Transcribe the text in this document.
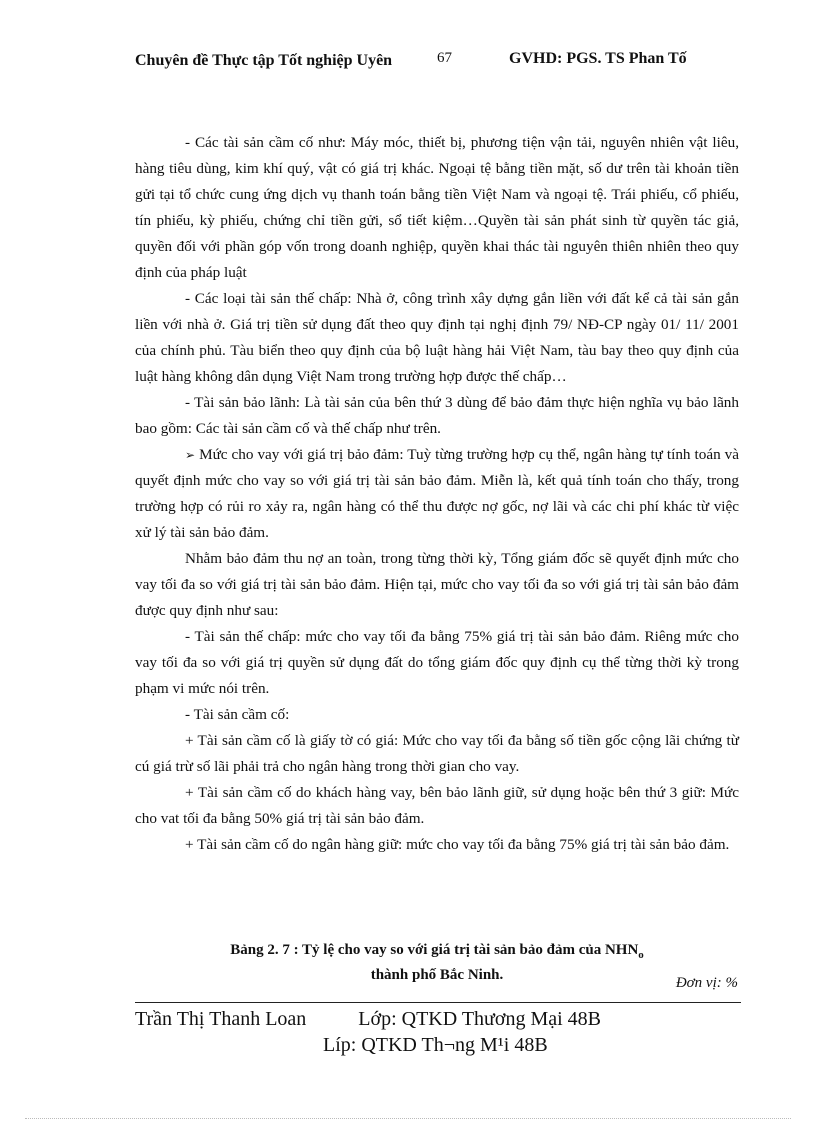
Chuyên đề Thực tập Tốt nghiệp Uyên	67	GVHD: PGS. TS Phan Tố

- Các tài sản cầm cố như: Máy móc, thiết bị, phương tiện vận tải, nguyên nhiên vật liêu, hàng tiêu dùng, kim khí quý, vật có giá trị khác. Ngoại tệ bằng tiền mặt, số dư trên tài khoản tiền gửi tại tổ chức cung ứng dịch vụ thanh toán bằng tiền Việt Nam và ngoại tệ. Trái phiếu, cổ phiếu, tín phiếu, kỳ phiếu, chứng chỉ tiền gửi, sổ tiết kiệm…Quyền tài sản phát sinh từ quyền tác giả, quyền đối với phần góp vốn trong doanh nghiệp, quyền khai thác tài nguyên thiên nhiên theo quy định của pháp luật

- Các loại tài sản thế chấp: Nhà ở, công trình xây dựng gắn liền với đất kể cả tài sản gắn liền với nhà ở. Giá trị tiền sử dụng đất theo quy định tại nghị định 79/ NĐ-CP ngày 01/ 11/ 2001 của chính phủ. Tàu biển theo quy định của bộ luật hàng hải Việt Nam, tàu bay theo quy định của luật hàng không dân dụng Việt Nam trong trường hợp được thế chấp…

- Tài sản bảo lãnh: Là tài sản của bên thứ 3 dùng để bảo đảm thực hiện nghĩa vụ bảo lãnh bao gồm: Các tài sản cầm cố và thế chấp như trên.

➢ Mức cho vay với giá trị bảo đảm: Tuỳ từng trường hợp cụ thể, ngân hàng tự tính toán và quyết định mức cho vay so với giá trị tài sản bảo đảm. Miễn là, kết quả tính toán cho thấy, trong trường hợp có rủi ro xảy ra, ngân hàng có thể thu được nợ gốc, nợ lãi và các chi phí khác từ việc xử lý tài sản bảo đảm.

Nhằm bảo đảm thu nợ an toàn, trong từng thời kỳ, Tổng giám đốc sẽ quyết định mức cho vay tối đa so với giá trị tài sản bảo đảm. Hiện tại, mức cho vay tối đa so với giá trị tài sản bảo đảm được quy định như sau:

- Tài sản thế chấp: mức cho vay tối đa bằng 75% giá trị tài sản bảo đảm. Riêng mức cho vay tối đa so với giá trị quyền sử dụng đất do tổng giám đốc quy định cụ thể từng thời kỳ trong phạm vi mức nói trên.

- Tài sản cầm cố:

+ Tài sản cầm cố là giấy tờ có giá: Mức cho vay tối đa bằng số tiền gốc cộng lãi chứng từ cú giá trừ số lãi phải trả cho ngân hàng trong thời gian cho vay.

+ Tài sản cầm cố do khách hàng vay, bên bảo lãnh giữ, sử dụng hoặc bên thứ 3 giữ: Mức cho vat tối đa bằng 50% giá trị tài sản bảo đảm.

+ Tài sản cầm cố do ngân hàng giữ: mức cho vay tối đa bằng 75% giá trị tài sản bảo đảm.

Bảng 2. 7 : Tỷ lệ cho vay so với giá trị tài sản bảo đảm của $NHN_o$
thành phố Bắc Ninh.	Đơn vị: %
Trần Thị Thanh Loan	Lớp: QTKD Thương Mại 48B
Líp: QTKD Th¬ng M¹i 48B
